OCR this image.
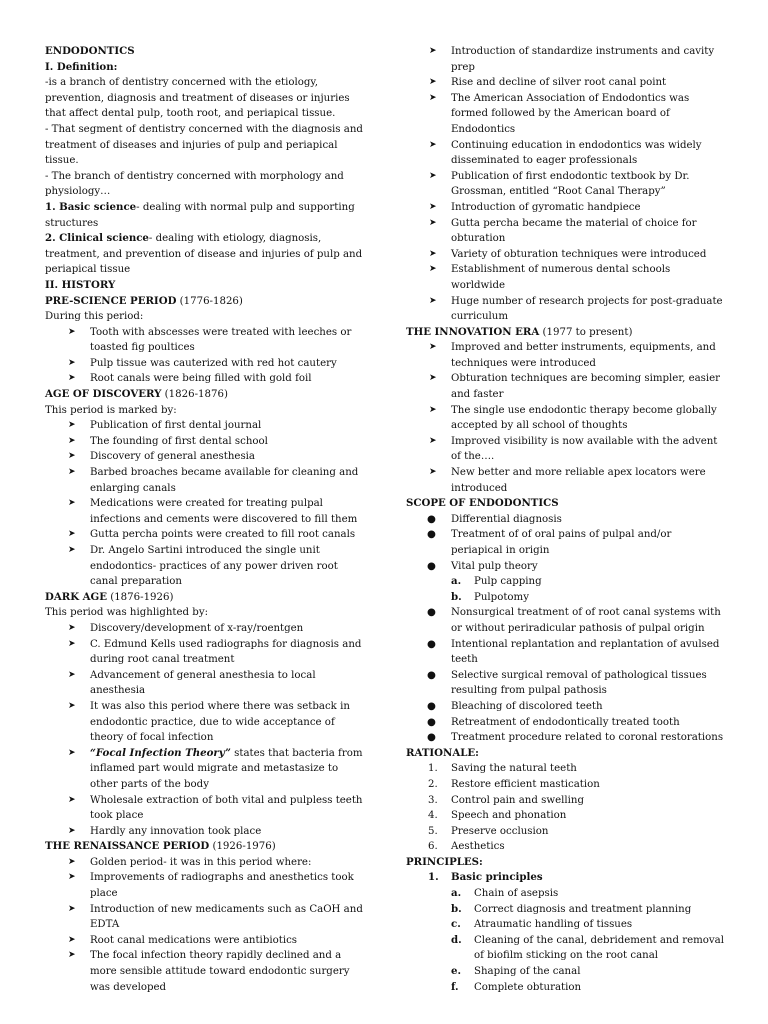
ENDODONTICS
I. Definition:
-is a branch of dentistry concerned with the etiology, prevention, diagnosis and treatment of diseases or injuries that affect dental pulp, tooth root, and periapical tissue.
- That segment of dentistry concerned with the diagnosis and treatment of diseases and injuries of pulp and periapical tissue.
- The branch of dentistry concerned with morphology and physiology…
1. Basic science- dealing with normal pulp and supporting structures
2. Clinical science- dealing with etiology, diagnosis, treatment, and prevention of disease and injuries of pulp and periapical tissue
II. HISTORY
PRE-SCIENCE PERIOD (1776-1826)
During this period:
➤ Tooth with abscesses were treated with leeches or toasted fig poultices
➤ Pulp tissue was cauterized with red hot cautery
➤ Root canals were being filled with gold foil
AGE OF DISCOVERY (1826-1876)
This period is marked by:
➤ Publication of first dental journal
➤ The founding of first dental school
➤ Discovery of general anesthesia
➤ Barbed broaches became available for cleaning and enlarging canals
➤ Medications were created for treating pulpal infections and cements were discovered to fill them
➤ Gutta percha points were created to fill root canals
➤ Dr. Angelo Sartini introduced the single unit endodontics- practices of any power driven root canal preparation
DARK AGE (1876-1926)
This period was highlighted by:
➤ Discovery/development of x-ray/roentgen
➤ C. Edmund Kells used radiographs for diagnosis and during root canal treatment
➤ Advancement of general anesthesia to local anesthesia
➤ It was also this period where there was setback in endodontic practice, due to wide acceptance of theory of focal infection
➤ “Focal Infection Theory” states that bacteria from inflamed part would migrate and metastasize to other parts of the body
➤ Wholesale extraction of both vital and pulpless teeth took place
➤ Hardly any innovation took place
THE RENAISSANCE PERIOD (1926-1976)
➤ Golden period- it was in this period where:
➤ Improvements of radiographs and anesthetics took place
➤ Introduction of new medicaments such as CaOH and EDTA
➤ Root canal medications were antibiotics
➤ The focal infection theory rapidly declined and a more sensible attitude toward endodontic surgery was developed
➤ Introduction of standardize instruments and cavity prep
➤ Rise and decline of silver root canal point
➤ The American Association of Endodontics was formed followed by the American board of Endodontics
➤ Continuing education in endodontics was widely disseminated to eager professionals
➤ Publication of first endodontic textbook by Dr. Grossman, entitled “Root Canal Therapy”
➤ Introduction of gyromatic handpiece
➤ Gutta percha became the material of choice for obturation
➤ Variety of obturation techniques were introduced
➤ Establishment of numerous dental schools worldwide
➤ Huge number of research projects for post-graduate curriculum
THE INNOVATION ERA (1977 to present)
➤ Improved and better instruments, equipments, and techniques were introduced
➤ Obturation techniques are becoming simpler, easier and faster
➤ The single use endodontic therapy become globally accepted by all school of thoughts
➤ Improved visibility is now available with the advent of the….
➤ New better and more reliable apex locators were introduced
SCOPE OF ENDODONTICS
● Differential diagnosis
● Treatment of of oral pains of pulpal and/or periapical in origin
● Vital pulp theory
a. Pulp capping
b. Pulpotomy
● Nonsurgical treatment of of root canal systems with or without periradicular pathosis of pulpal origin
● Intentional replantation and replantation of avulsed teeth
● Selective surgical removal of pathological tissues resulting from pulpal pathosis
● Bleaching of discolored teeth
● Retreatment of endodontically treated tooth
● Treatment procedure related to coronal restorations
RATIONALE:
1. Saving the natural teeth
2. Restore efficient mastication
3. Control pain and swelling
4. Speech and phonation
5. Preserve occlusion
6. Aesthetics
PRINCIPLES:
1. Basic principles
a. Chain of asepsis
b. Correct diagnosis and treatment planning
c. Atraumatic handling of tissues
d. Cleaning of the canal, debridement and removal of biofilm sticking on the root canal
e. Shaping of the canal
f. Complete obturation
